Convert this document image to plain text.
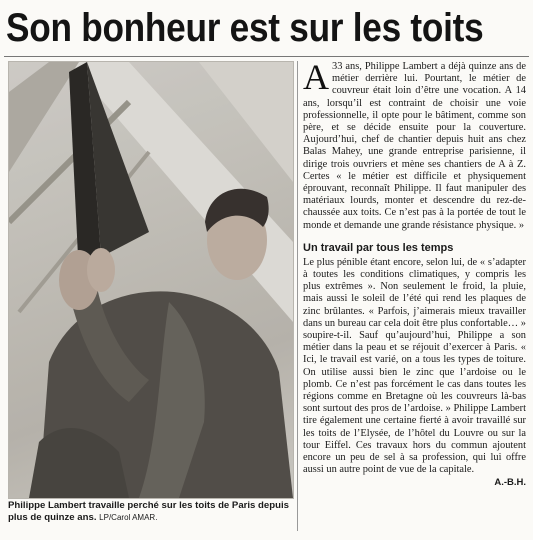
Son bonheur est sur les toits
Philippe Lambert travaille perché sur les toits de Paris depuis plus de quinze ans. LP/Carol AMAR.

A 33 ans, Philippe Lambert a déjà quinze ans de métier derrière lui. Pourtant, le métier de couvreur était loin d’être une vocation. A 14 ans, lorsqu’il est contraint de choisir une voie professionnelle, il opte pour le bâtiment, comme son père, et se décide ensuite pour la couverture. Aujourd’hui, chef de chantier depuis huit ans chez Balas Mahey, une grande entreprise parisienne, il dirige trois ouvriers et mène ses chantiers de A à Z. Certes « le métier est difficile et physiquement éprouvant, reconnaît Philippe. Il faut manipuler des matériaux lourds, monter et descendre du rez-de-chaussée aux toits. Ce n’est pas à la portée de tout le monde et demande une grande résistance physique. »

Un travail par tous les temps

Le plus pénible étant encore, selon lui, de « s’adapter à toutes les conditions climatiques, y compris les plus extrêmes ». Non seulement le froid, la pluie, mais aussi le soleil de l’été qui rend les plaques de zinc brûlantes. « Parfois, j’aimerais mieux travailler dans un bureau car cela doit être plus confortable… » soupire-t-il. Sauf qu’aujourd’hui, Philippe a son métier dans la peau et se réjouit d’exercer à Paris. « Ici, le travail est varié, on a tous les types de toiture. On utilise aussi bien le zinc que l’ardoise ou le plomb. Ce n’est pas forcément le cas dans toutes les régions comme en Bretagne où les couvreurs là-bas sont surtout des pros de l’ardoise. » Philippe Lambert tire également une certaine fierté à avoir travaillé sur les toits de l’Elysée, de l’hôtel du Louvre ou sur la tour Eiffel. Ces travaux hors du commun ajoutent encore un peu de sel à sa profession, qui lui offre aussi un autre point de vue de la capitale.

A.-B.H.
